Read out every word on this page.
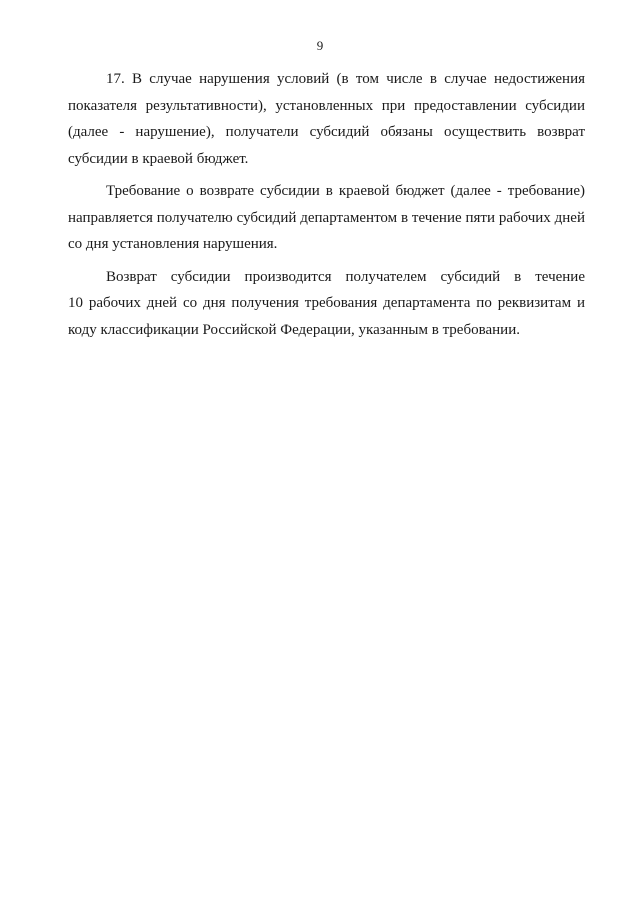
9

17. В случае нарушения условий (в том числе в случае недостижения
показателя результативности), установленных при предоставлении субсидии
(далее - нарушение), получатели субсидий обязаны осуществить возврат
субсидии в краевой бюджет.

Требование о возврате субсидии в краевой бюджет (далее - требование)
направляется получателю субсидий департаментом в течение пяти рабочих дней
со дня установления нарушения.

Возврат субсидии производится получателем субсидий в течение
10 рабочих дней со дня получения требования департамента по реквизитам и
коду классификации Российской Федерации, указанным в требовании.
